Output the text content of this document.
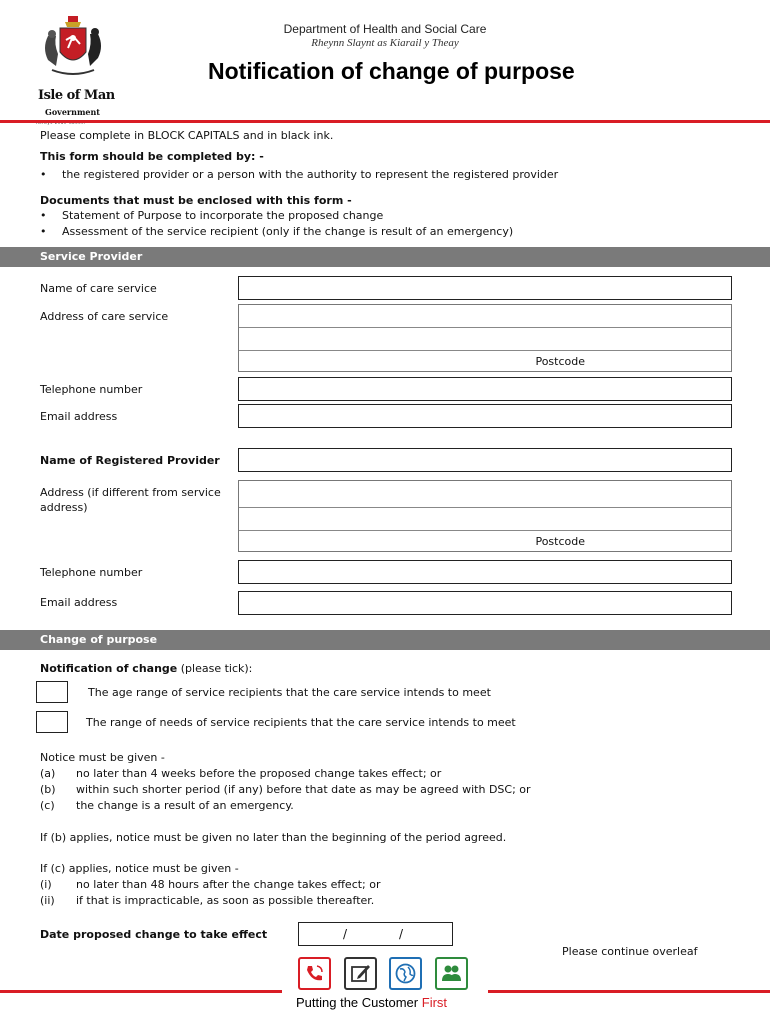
Isle of Man
Government
Department of Health and Social Care
Rheynn Slaynt as Kiarail y Theay
Notification of change of purpose
Please complete in BLOCK CAPITALS and in black ink.
This form should be completed by: -
• the registered provider or a person with the authority to represent the registered provider
Documents that must be enclosed with this form -
• Statement of Purpose to incorporate the proposed change
• Assessment of the service recipient (only if the change is result of an emergency)
Service Provider
Name of care service
Address of care service
Postcode
Telephone number
Email address
Name of Registered Provider
Address (if different from service
address)
Postcode
Telephone number
Email address
Change of purpose
Notification of change (please tick):
The age range of service recipients that the care service intends to meet
The range of needs of service recipients that the care service intends to meet
Notice must be given -
(a) no later than 4 weeks before the proposed change takes effect; or
(b) within such shorter period (if any) before that date as may be agreed with DSC; or
(c) the change is a result of an emergency.
If (b) applies, notice must be given no later than the beginning of the period agreed.
If (c) applies, notice must be given -
(i) no later than 48 hours after the change takes effect; or
(ii) if that is impracticable, as soon as possible thereafter.
Date proposed change to take effect	/	/
Please continue overleaf
Putting the Customer First
